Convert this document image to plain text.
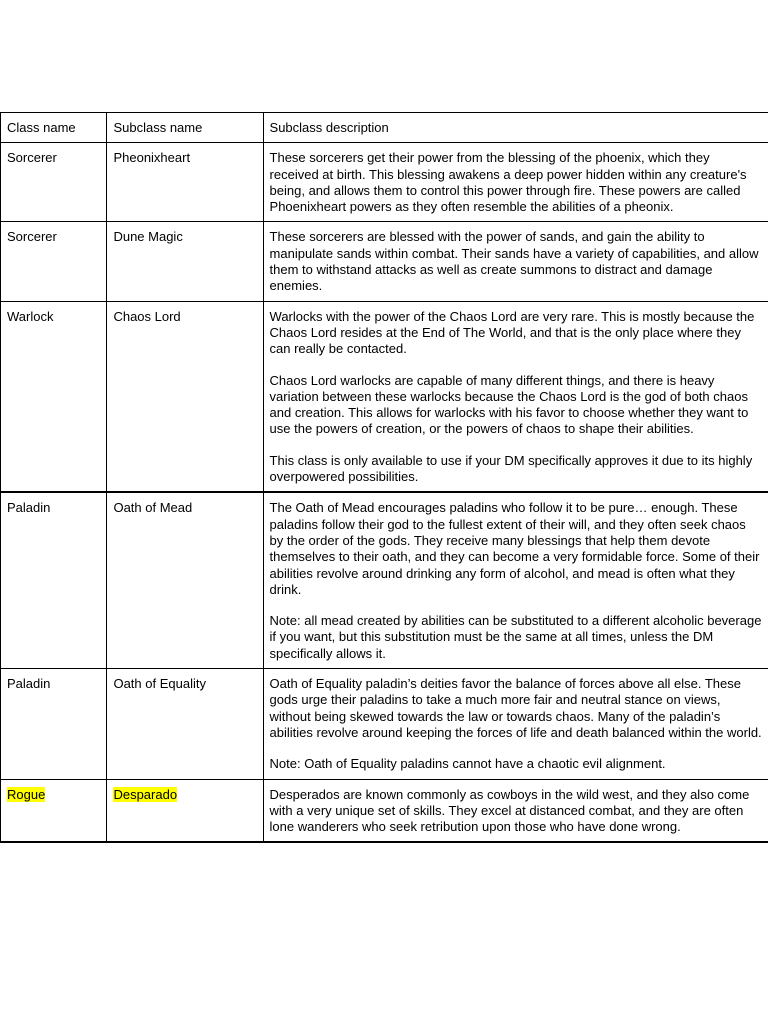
Class name	Subclass name	Subclass description
Sorcerer	Pheonixheart	These sorcerers get their power from the blessing of the phoenix, which they received at birth. This blessing awakens a deep power hidden within any creature's being, and allows them to control this power through fire. These powers are called Phoenixheart powers as they often resemble the abilities of a pheonix.

Sorcerer	Dune Magic	These sorcerers are blessed with the power of sands, and gain the ability to manipulate sands within combat. Their sands have a variety of capabilities, and allow them to withstand attacks as well as create summons to distract and damage enemies.

Warlock	Chaos Lord	Warlocks with the power of the Chaos Lord are very rare. This is mostly because the Chaos Lord resides at the End of The World, and that is the only place where they can really be contacted.

Chaos Lord warlocks are capable of many different things, and there is heavy variation between these warlocks because the Chaos Lord is the god of both chaos and creation. This allows for warlocks with his favor to choose whether they want to use the powers of creation, or the powers of chaos to shape their abilities.

This class is only available to use if your DM specifically approves it due to its highly overpowered possibilities.

Paladin	Oath of Mead	The Oath of Mead encourages paladins who follow it to be pure… enough. These paladins follow their god to the fullest extent of their will, and they often seek chaos by the order of the gods. They receive many blessings that help them devote themselves to their oath, and they can become a very formidable force. Some of their abilities revolve around drinking any form of alcohol, and mead is often what they drink.

Note: all mead created by abilities can be substituted to a different alcoholic beverage if you want, but this substitution must be the same at all times, unless the DM specifically allows it.

Paladin	Oath of Equality	Oath of Equality paladin’s deities favor the balance of forces above all else. These gods urge their paladins to take a much more fair and neutral stance on views, without being skewed towards the law or towards chaos. Many of the paladin’s abilities revolve around keeping the forces of life and death balanced within the world.

Note: Oath of Equality paladins cannot have a chaotic evil alignment.

Rogue	Desparado	Desperados are known commonly as cowboys in the wild west, and they also come with a very unique set of skills. They excel at distanced combat, and they are often lone wanderers who seek retribution upon those who have done wrong.
